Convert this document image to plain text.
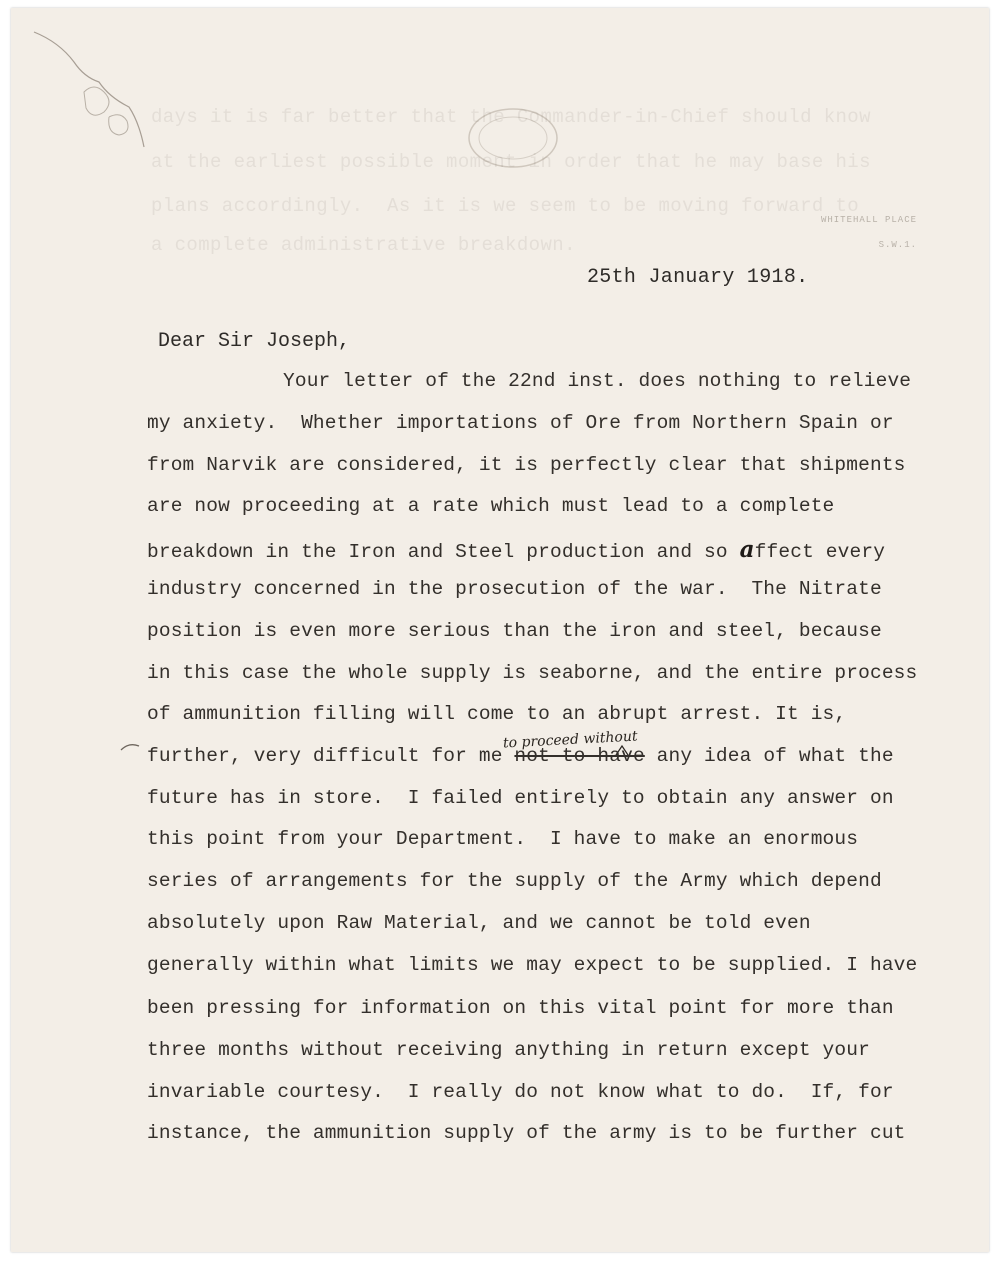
days it is far better that the Commander-in-Chief should know
at the earliest possible moment in order that he may base his
plans accordingly.  As it is we seem to be moving forward to
a complete administrative breakdown.
WHITEHALL PLACE
S.W.1.
25th January 1918.
Dear Sir Joseph,
Your letter of the 22nd inst. does nothing to relieve
my anxiety.  Whether importations of Ore from Northern Spain or
from Narvik are considered, it is perfectly clear that shipments
are now proceeding at a rate which must lead to a complete
breakdown in the Iron and Steel production and so affect every
industry concerned in the prosecution of the war.  The Nitrate
position is even more serious than the iron and steel, because
in this case the whole supply is seaborne, and the entire process
of ammunition filling will come to an abrupt arrest. It is,
to proceed without
further, very difficult for me not to have any idea of what the
future has in store.  I failed entirely to obtain any answer on
this point from your Department.  I have to make an enormous
series of arrangements for the supply of the Army which depend
absolutely upon Raw Material, and we cannot be told even
generally within what limits we may expect to be supplied. I have
been pressing for information on this vital point for more than
three months without receiving anything in return except your
invariable courtesy.  I really do not know what to do.  If, for
instance, the ammunition supply of the army is to be further cut
